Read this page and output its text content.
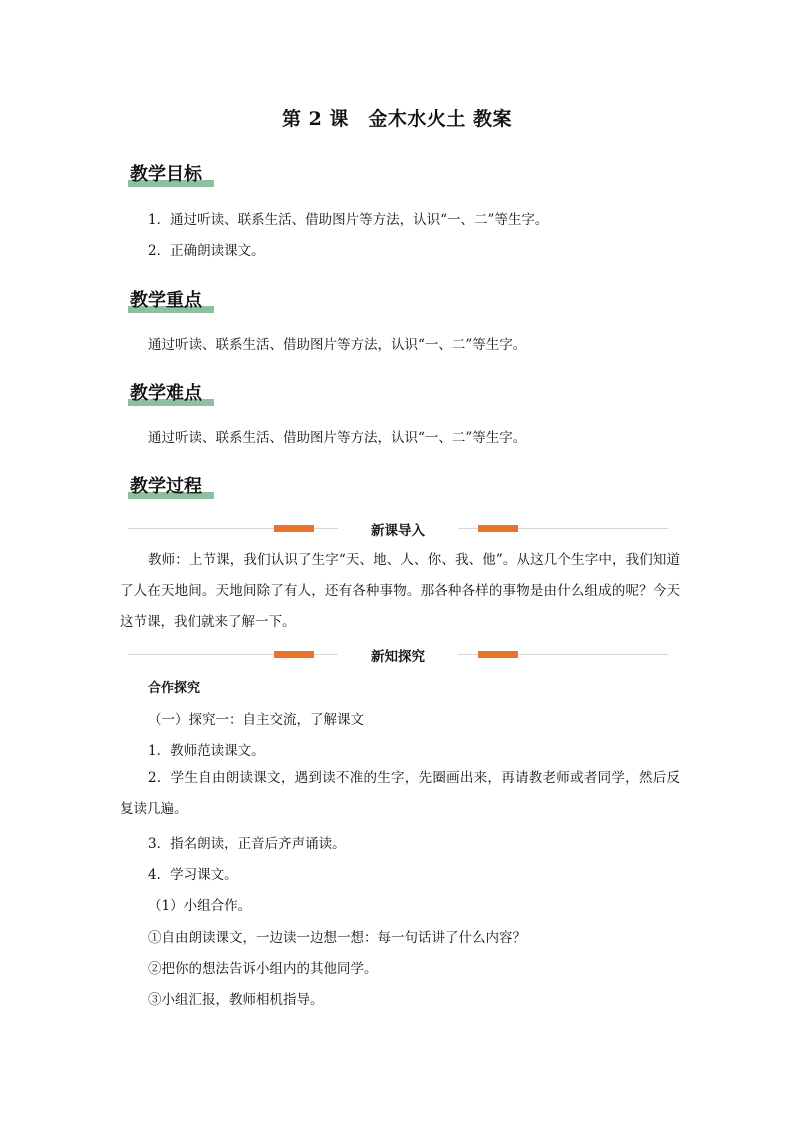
第 2 课　金木水火土 教案
教学目标
1．通过听读、联系生活、借助图片等方法，认识“一、二”等生字。
2．正确朗读课文。
教学重点
通过听读、联系生活、借助图片等方法，认识“一、二”等生字。
教学难点
通过听读、联系生活、借助图片等方法，认识“一、二”等生字。
教学过程
新课导入
教师：上节课，我们认识了生字“天、地、人、你、我、他”。从这几个生字中，我们知道了人在天地间。天地间除了有人，还有各种事物。那各种各样的事物是由什么组成的呢？今天这节课，我们就来了解一下。
新知探究
合作探究
（一）探究一：自主交流，了解课文
1．教师范读课文。
2．学生自由朗读课文，遇到读不准的生字，先圈画出来，再请教老师或者同学，然后反复读几遍。
3．指名朗读，正音后齐声诵读。
4．学习课文。
（1）小组合作。
①自由朗读课文，一边读一边想一想：每一句话讲了什么内容？
②把你的想法告诉小组内的其他同学。
③小组汇报，教师相机指导。
